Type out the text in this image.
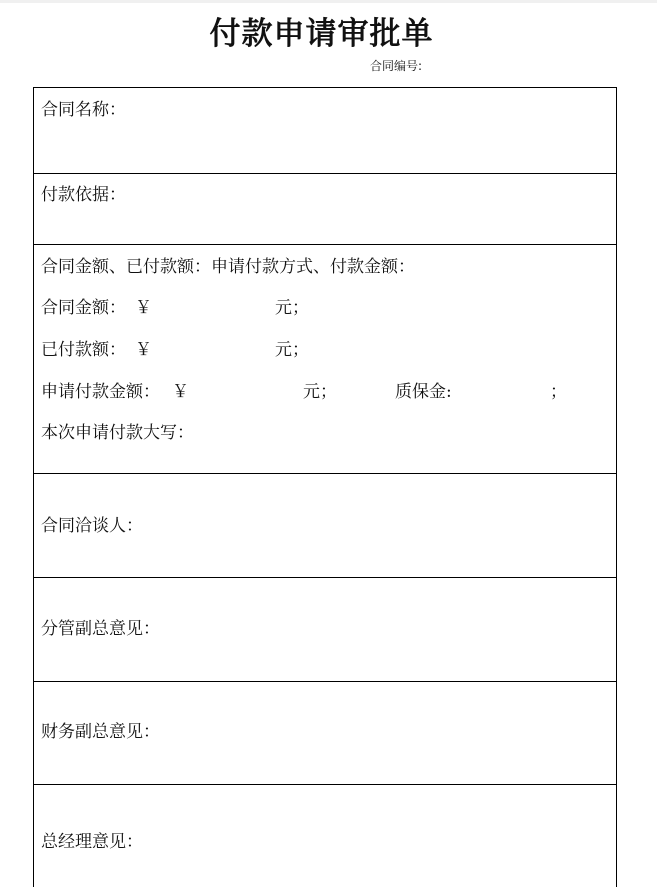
付款申请审批单
合同编号:
合同名称：
付款依据：
合同金额、已付款额：申请付款方式、付款金额：
合同金额： ￥	元；
已付款额： ￥	元；
申请付款金额： ￥	元；	质保金:	；
本次申请付款大写：
合同洽谈人：
分管副总意见：
财务副总意见：
总经理意见：
